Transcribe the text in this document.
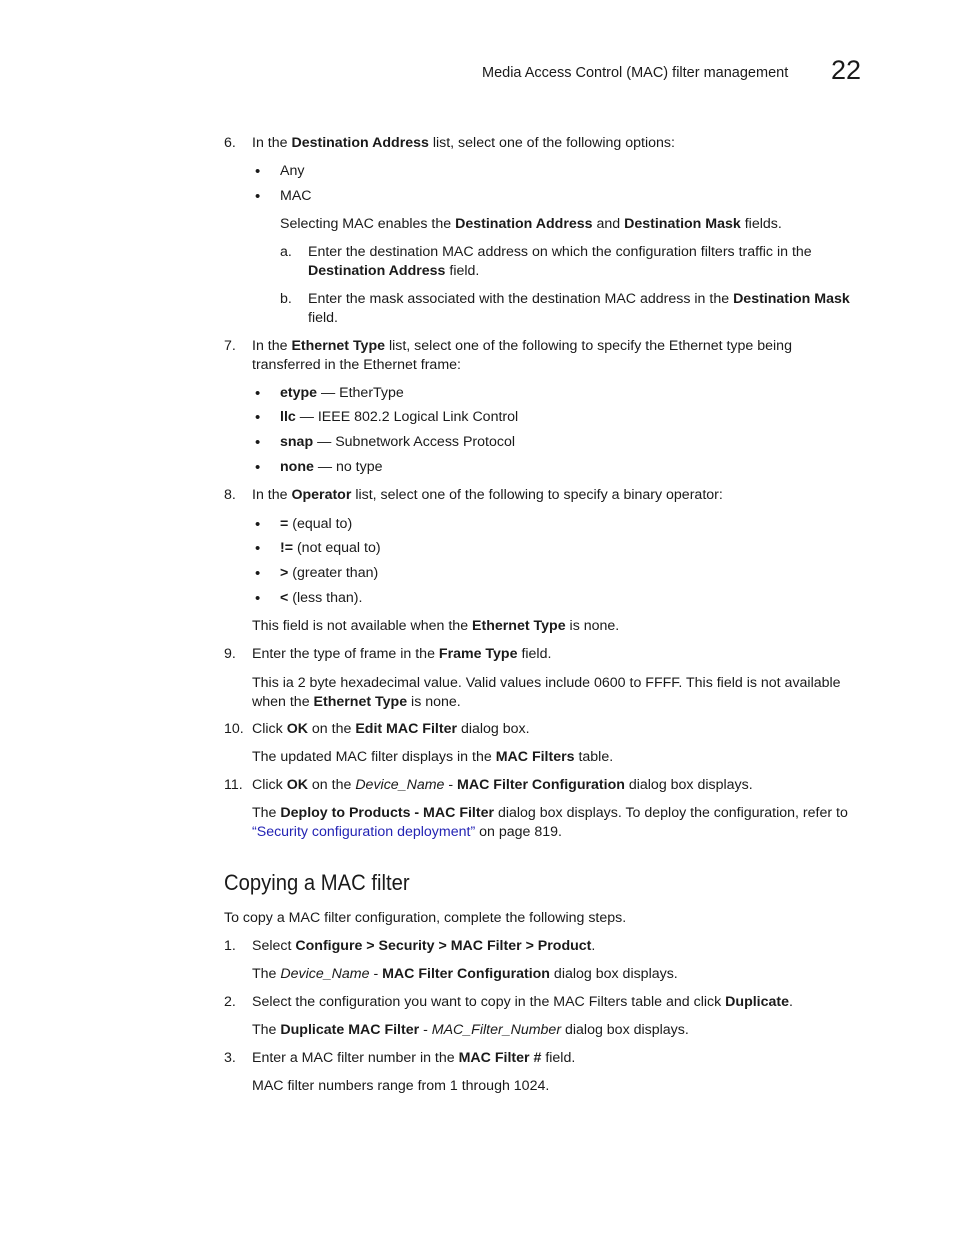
Media Access Control (MAC) filter management 22
6.	In the Destination Address list, select one of the following options:
• Any
• MAC
Selecting MAC enables the Destination Address and Destination Mask fields.
a. Enter the destination MAC address on which the configuration filters traffic in the
Destination Address field.
b. Enter the mask associated with the destination MAC address in the Destination Mask
field.
7.	In the Ethernet Type list, select one of the following to specify the Ethernet type being
transferred in the Ethernet frame:
• etype — EtherType
• llc — IEEE 802.2 Logical Link Control
• snap — Subnetwork Access Protocol
• none — no type
8.	In the Operator list, select one of the following to specify a binary operator:
• = (equal to)
• != (not equal to)
• > (greater than)
• < (less than).
This field is not available when the Ethernet Type is none.
9.	Enter the type of frame in the Frame Type field.
This ia 2 byte hexadecimal value. Valid values include 0600 to FFFF. This field is not available
when the Ethernet Type is none.
10. Click OK on the Edit MAC Filter dialog box.
The updated MAC filter displays in the MAC Filters table.
11. Click OK on the Device_Name - MAC Filter Configuration dialog box displays.
The Deploy to Products - MAC Filter dialog box displays. To deploy the configuration, refer to
“Security configuration deployment” on page 819.
Copying a MAC filter
To copy a MAC filter configuration, complete the following steps.
1.	Select Configure > Security > MAC Filter > Product.
The Device_Name - MAC Filter Configuration dialog box displays.
2.	Select the configuration you want to copy in the MAC Filters table and click Duplicate.
The Duplicate MAC Filter - MAC_Filter_Number dialog box displays.
3.	Enter a MAC filter number in the MAC Filter # field.
MAC filter numbers range from 1 through 1024.
